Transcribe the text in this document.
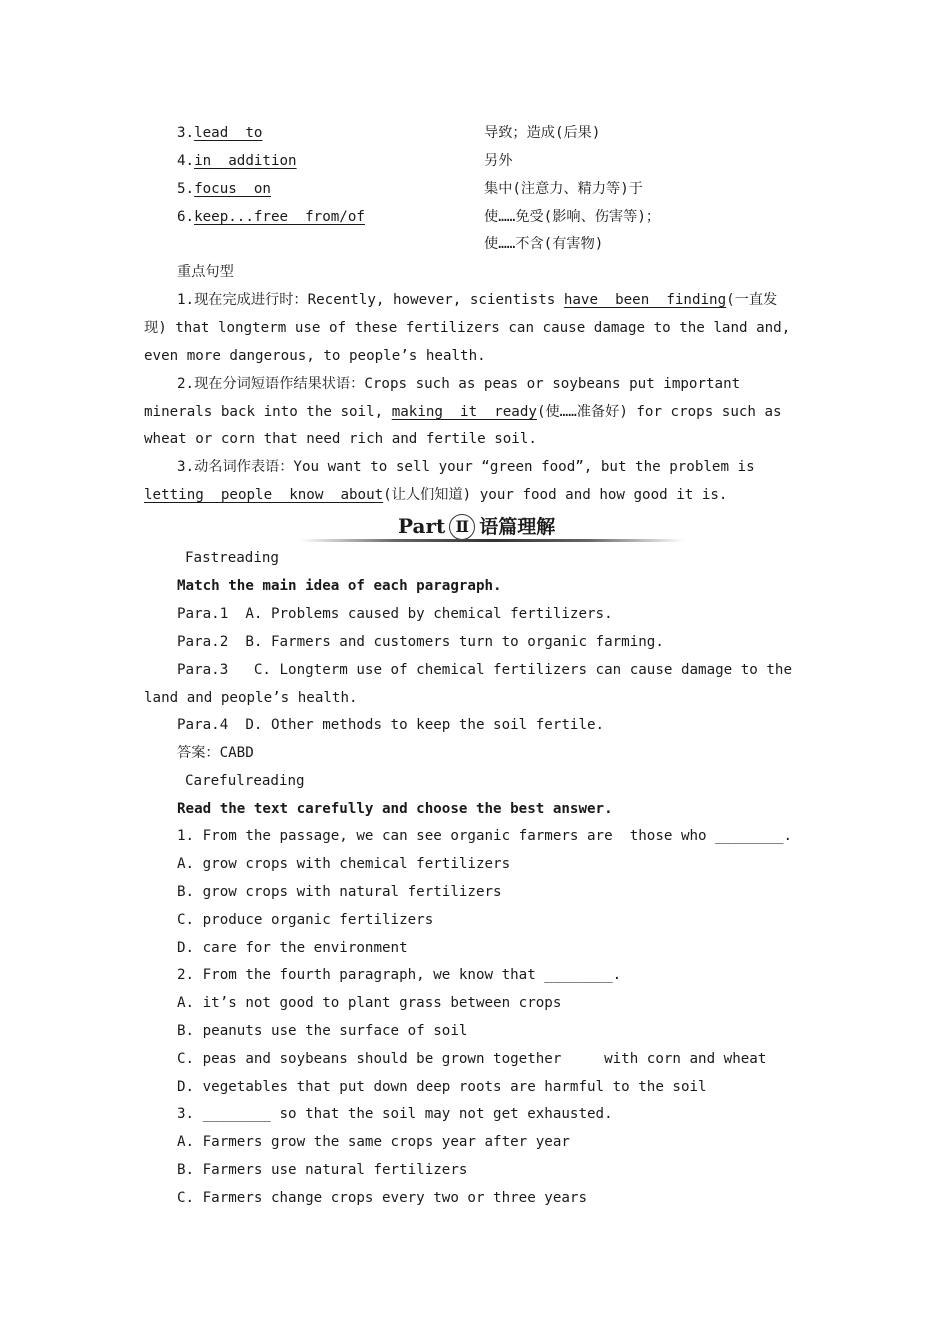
3.lead  to	导致；造成(后果)
4.in  addition	另外
5.focus  on	集中(注意力、精力等)于
6.keep...free  from/of	使……免受(影响、伤害等)；
使……不含(有害物)
重点句型
1.现在完成进行时：Recently, however, scientists have  been  finding(一直发
现) that longterm use of these fertilizers can cause damage to the land and,
even more dangerous, to people’s health.
2.现在分词短语作结果状语：Crops such as peas or soybeans put important
minerals back into the soil, making  it  ready(使……准备好) for crops such as
wheat or corn that need rich and fertile soil.
3.动名词作表语：You want to sell your “green food”, but the problem is
letting  people  know  about(让人们知道) your food and how good it is.
Part Ⅱ 语篇理解
Fastreading
Match the main idea of each paragraph.
Para.1  A. Problems caused by chemical fertilizers.
Para.2  B. Farmers and customers turn to organic farming.
Para.3   C. Longterm use of chemical fertilizers can cause damage to the
land and people’s health.
Para.4  D. Other methods to keep the soil fertile.
答案：CABD
Carefulreading
Read the text carefully and choose the best answer.
1. From the passage, we can see organic farmers are  those who ________.
A. grow crops with chemical fertilizers
B. grow crops with natural fertilizers
C. produce organic fertilizers
D. care for the environment
2. From the fourth paragraph, we know that ________.
A. it’s not good to plant grass between crops
B. peanuts use the surface of soil
C. peas and soybeans should be grown together     with corn and wheat
D. vegetables that put down deep roots are harmful to the soil
3. ________ so that the soil may not get exhausted.
A. Farmers grow the same crops year after year
B. Farmers use natural fertilizers
C. Farmers change crops every two or three years
